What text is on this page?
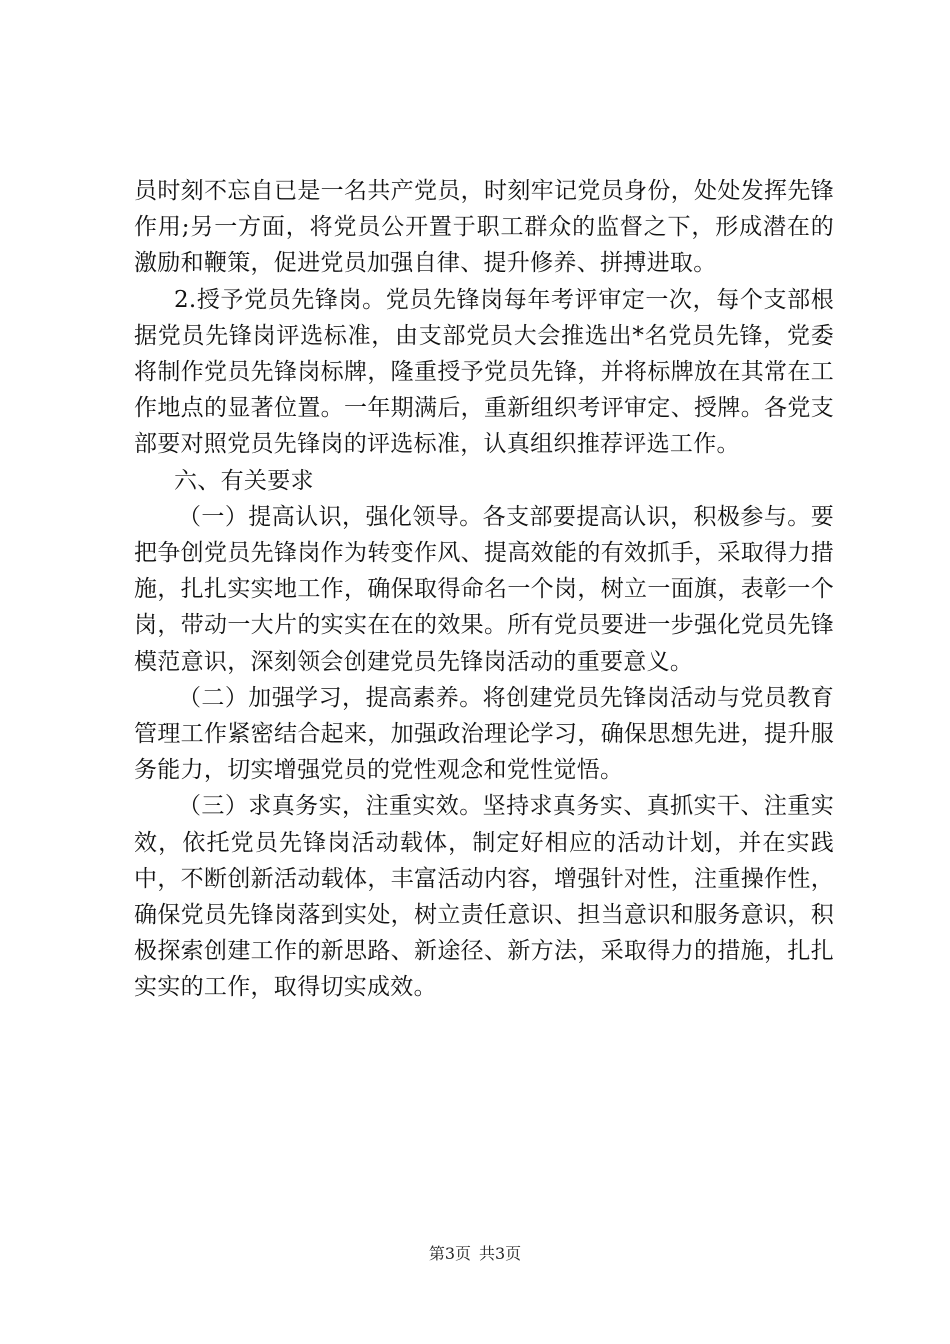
员时刻不忘自已是一名共产党员，时刻牢记党员身份，处处发挥先锋作用;另一方面，将党员公开置于职工群众的监督之下，形成潜在的激励和鞭策，促进党员加强自律、提升修养、拼搏进取。

2.授予党员先锋岗。党员先锋岗每年考评审定一次，每个支部根据党员先锋岗评选标准，由支部党员大会推选出*名党员先锋，党委将制作党员先锋岗标牌，隆重授予党员先锋，并将标牌放在其常在工作地点的显著位置。一年期满后，重新组织考评审定、授牌。各党支部要对照党员先锋岗的评选标准，认真组织推荐评选工作。

六、有关要求

（一）提高认识，强化领导。各支部要提高认识，积极参与。要把争创党员先锋岗作为转变作风、提高效能的有效抓手，采取得力措施，扎扎实实地工作，确保取得命名一个岗，树立一面旗，表彰一个岗，带动一大片的实实在在的效果。所有党员要进一步强化党员先锋模范意识，深刻领会创建党员先锋岗活动的重要意义。

（二）加强学习，提高素养。将创建党员先锋岗活动与党员教育管理工作紧密结合起来，加强政治理论学习，确保思想先进，提升服务能力，切实增强党员的党性观念和党性觉悟。

（三）求真务实，注重实效。坚持求真务实、真抓实干、注重实效，依托党员先锋岗活动载体，制定好相应的活动计划，并在实践中，不断创新活动载体，丰富活动内容，增强针对性，注重操作性，确保党员先锋岗落到实处，树立责任意识、担当意识和服务意识，积极探索创建工作的新思路、新途径、新方法，采取得力的措施，扎扎实实的工作，取得切实成效。

第3页 共3页
